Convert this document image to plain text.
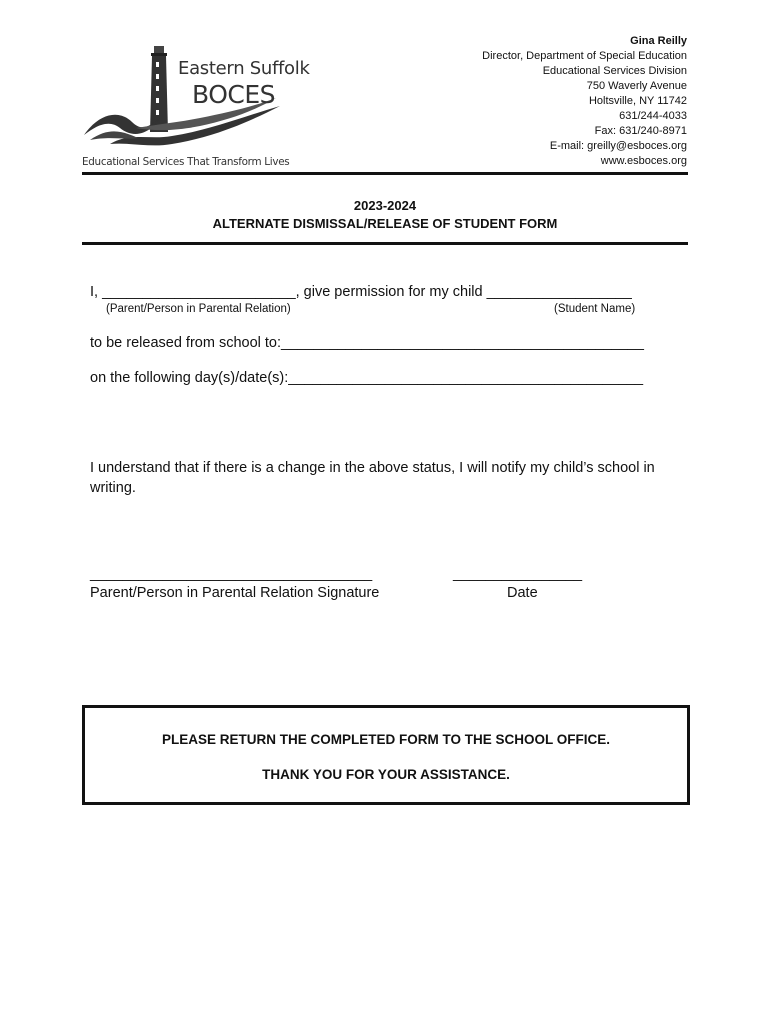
Eastern Suffolk
BOCES
Educational Services That Transform Lives
Gina Reilly
Director, Department of Special Education
Educational Services Division
750 Waverly Avenue
Holtsville, NY 11742
631/244-4033
Fax: 631/240-8971
E-mail: greilly@esboces.org
www.esboces.org
2023-2024
ALTERNATE DISMISSAL/RELEASE OF STUDENT FORM
I, ________________________, give permission for my child __________________
(Parent/Person in Parental Relation)	(Student Name)
to be released from school to:_____________________________________________
on the following day(s)/date(s):____________________________________________
I understand that if there is a change in the above status, I will notify my child’s school in writing.
___________________________________	________________
Parent/Person in Parental Relation Signature	Date
PLEASE RETURN THE COMPLETED FORM TO THE SCHOOL OFFICE.
THANK YOU FOR YOUR ASSISTANCE.
